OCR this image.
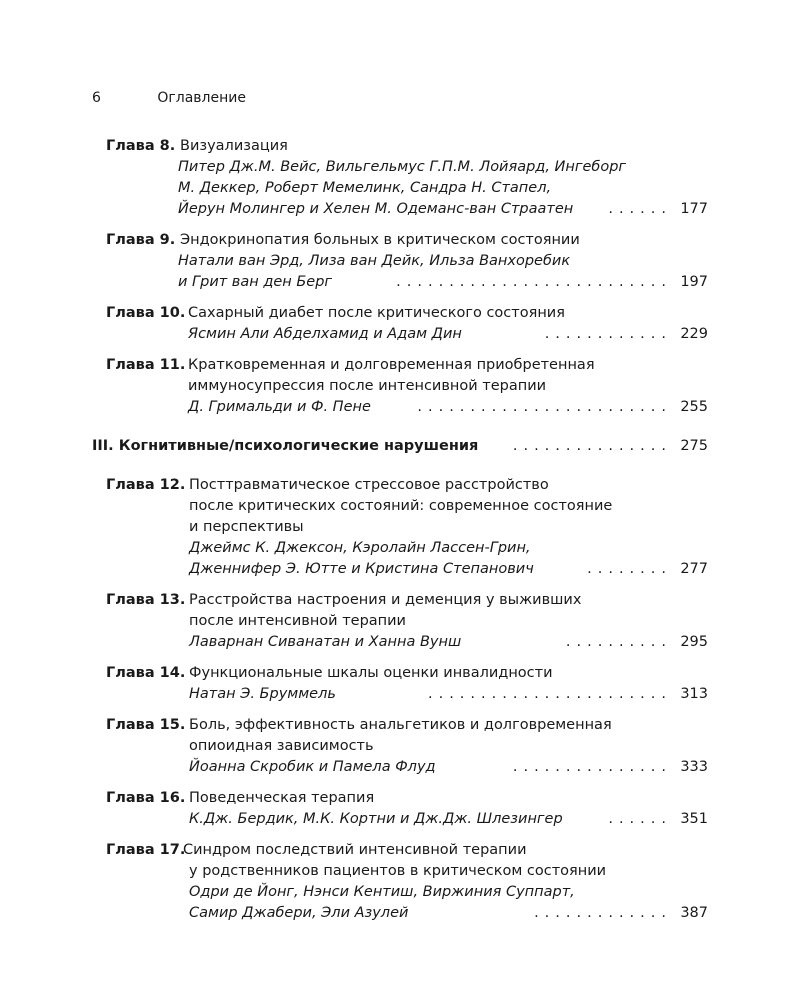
6	Оглавление
Глава 8. Визуализация
Питер Дж.М. Вейс, Вильгельмус Г.П.М. Лойяард, Ингеборг
М. Деккер, Роберт Мемелинк, Сандра Н. Стапел,
Йерун Молингер и Хелен М. Одеманс-ван Страатен ...... 177
Глава 9. Эндокринопатия больных в критическом состоянии
Натали ван Эрд, Лиза ван Дейк, Ильза Ванхоребик
и Грит ван ден Берг	.......................... 197
Глава 10. Сахарный диабет после критического состояния
Ясмин Али Абделхамид и Адам Дин	............ 229
Глава 11. Кратковременная и долговременная приобретенная
иммуносупрессия после интенсивной терапии
Д. Гримальди и Ф. Пене	........................ 255
III. Когнитивные/психологические нарушения ............... 275
Глава 12. Посттравматическое стрессовое расстройство
после критических состояний: современное состояние
и перспективы
Джеймс К. Джексон, Кэролайн Лассен-Грин,
Дженнифер Э. Ютте и Кристина Степанович	........ 277
Глава 13. Расстройства настроения и деменция у выживших
после интенсивной терапии
Лаварнан Сиванатан и Ханна Вунш	.......... 295
Глава 14. Функциональные шкалы оценки инвалидности
Натан Э. Бруммель	....................... 313
Глава 15. Боль, эффективность анальгетиков и долговременная
опиоидная зависимость
Йоанна Скробик и Памела Флуд	............... 333
Глава 16. Поведенческая терапия
К.Дж. Бердик, М.К. Кортни и Дж.Дж. Шлезингер	...... 351
Глава 17.
Синдром последствий интенсивной терапии
у родственников пациентов в критическом состоянии
Одри де Йонг, Нэнси Кентиш, Виржиния Суппарт,
Самир Джабери, Эли Азулей	............. 387
